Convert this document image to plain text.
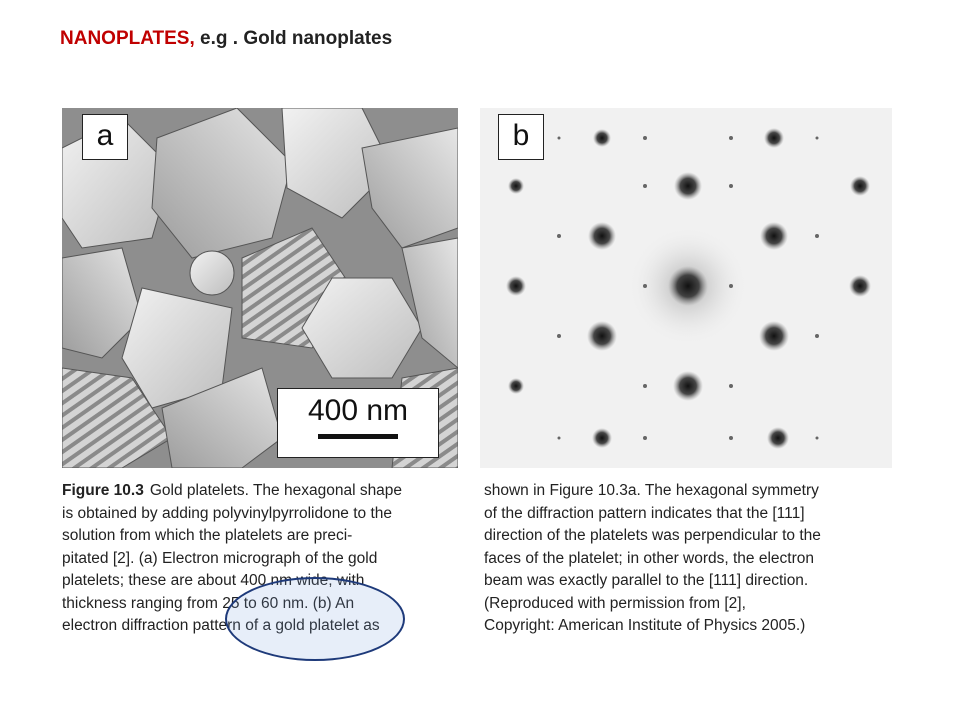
NANOPLATES, e.g . Gold nanoplates
a
400 nm
b
Figure 10.3 Gold platelets. The hexagonal shape
is obtained by adding polyvinylpyrrolidone to the
solution from which the platelets are preci-
pitated [2]. (a) Electron micrograph of the gold
platelets; these are about 400 nm wide, with
thickness ranging from 25 to 60 nm. (b) An
electron diffraction pattern of a gold platelet as
shown in Figure 10.3a. The hexagonal symmetry
of the diffraction pattern indicates that the [111]
direction of the platelets was perpendicular to the
faces of the platelet; in other words, the electron
beam was exactly parallel to the [111] direction.
(Reproduced with permission from [2],
Copyright: American Institute of Physics 2005.)
